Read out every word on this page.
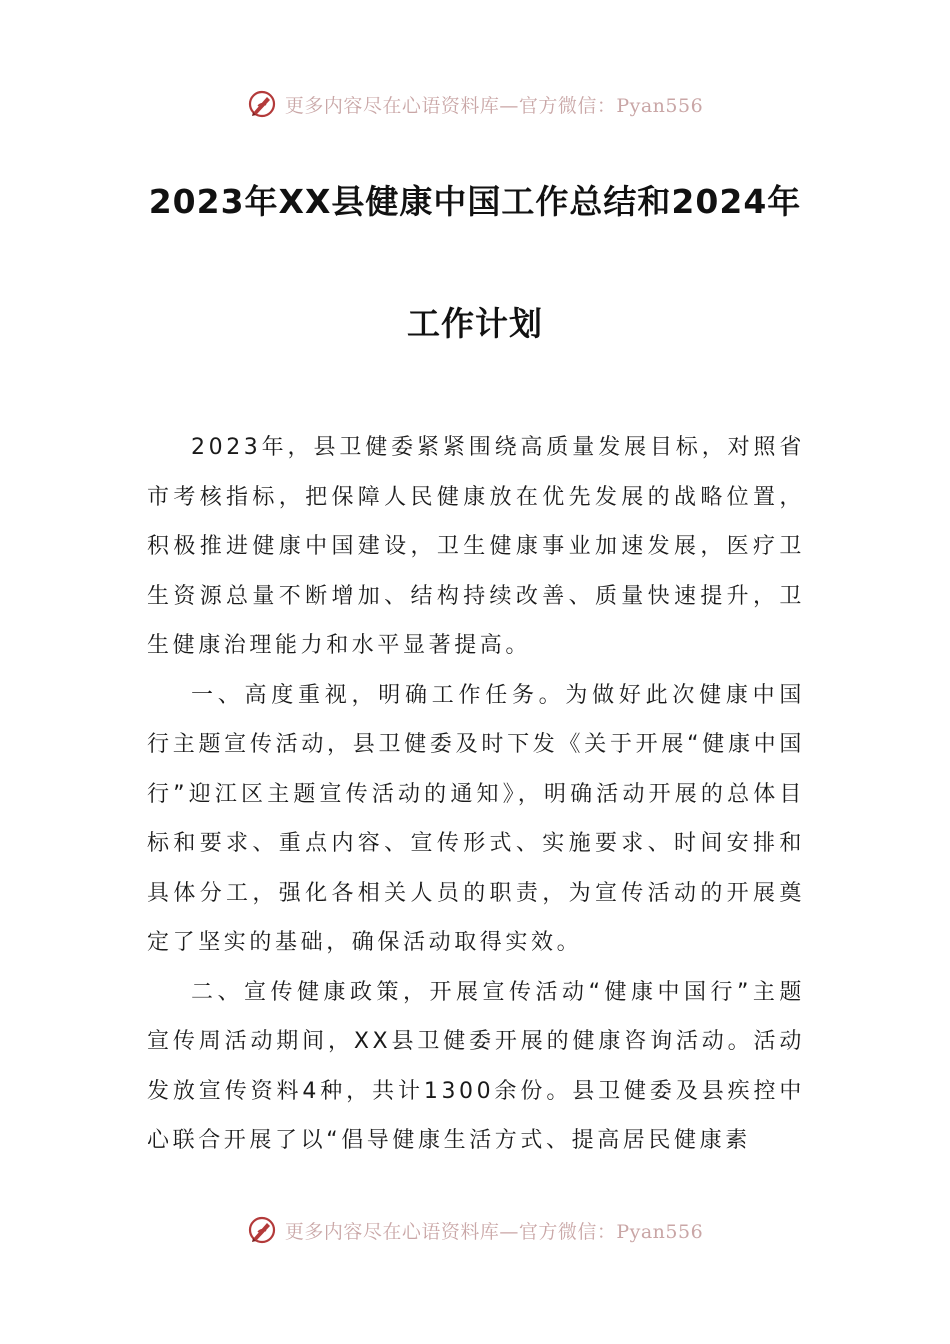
更多内容尽在心语资料库—官方微信：Pyan556
2023年XX县健康中国工作总结和2024年
工作计划

2023年，县卫健委紧紧围绕高质量发展目标，对照省市考核指标，把保障人民健康放在优先发展的战略位置，积极推进健康中国建设，卫生健康事业加速发展，医疗卫生资源总量不断增加、结构持续改善、质量快速提升，卫生健康治理能力和水平显著提高。

一、高度重视，明确工作任务。为做好此次健康中国行主题宣传活动，县卫健委及时下发《关于开展“健康中国行”迎江区主题宣传活动的通知》，明确活动开展的总体目标和要求、重点内容、宣传形式、实施要求、时间安排和具体分工，强化各相关人员的职责，为宣传活动的开展奠定了坚实的基础，确保活动取得实效。

二、宣传健康政策，开展宣传活动“健康中国行”主题宣传周活动期间，XX县卫健委开展的健康咨询活动。活动发放宣传资料4种，共计1300余份。县卫健委及县疾控中心联合开展了以“倡导健康生活方式、提高居民健康素

更多内容尽在心语资料库—官方微信：Pyan556
